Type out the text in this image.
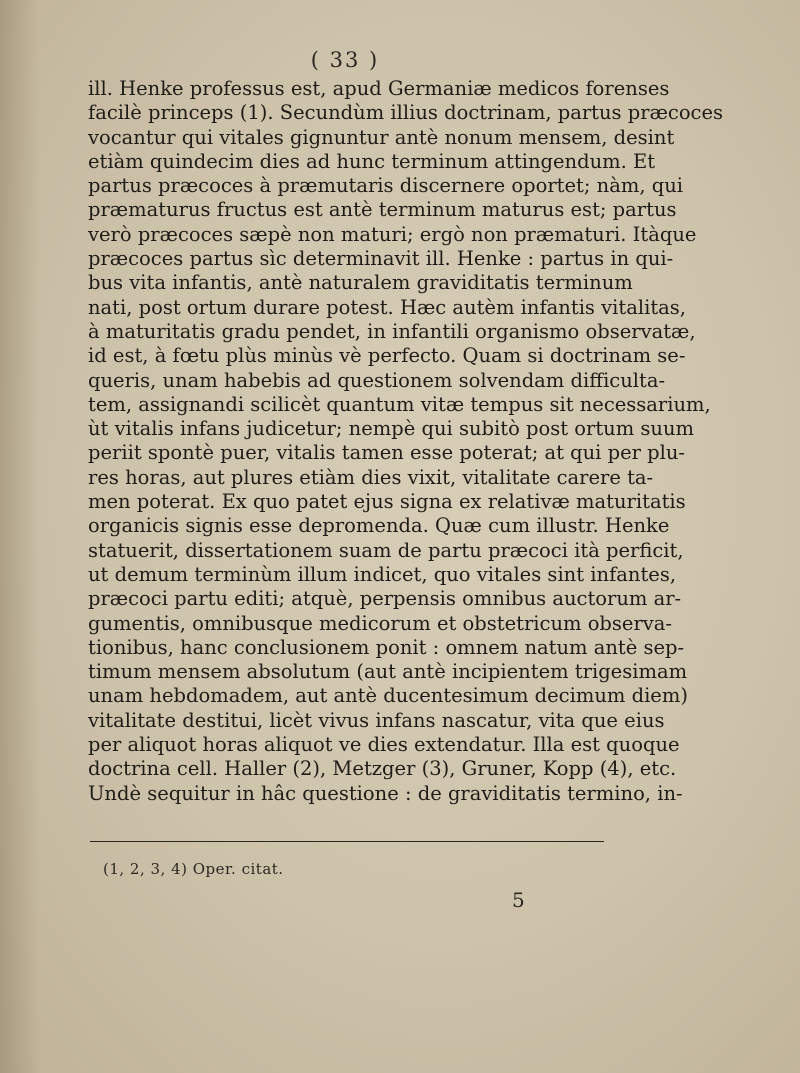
( 33 )
ill. Henke professus est, apud Germaniæ medicos forenses
facilè princeps (1). Secundùm illius doctrinam, partus præcoces
vocantur qui vitales gignuntur antè nonum mensem, desint
etiàm quindecim dies ad hunc terminum attingendum. Et
partus præcoces à præmutaris discernere oportet; nàm, qui
præmaturus fructus est antè terminum maturus est; partus
verò præcoces sæpè non maturi; ergò non præmaturi. Itàque
præcoces partus sìc determinavit ill. Henke : partus in qui-
bus vita infantis, antè naturalem graviditatis terminum
nati, post ortum durare potest. Hæc autèm infantis vitalitas,
à maturitatis gradu pendet, in infantili organismo observatæ,
id est, à fœtu plùs minùs vè perfecto. Quam si doctrinam se-
queris, unam habebis ad questionem solvendam difficulta-
tem, assignandi scilicèt quantum vitæ tempus sit necessarium,
ùt vitalis infans judicetur; nempè qui subitò post ortum suum
periit spontè puer, vitalis tamen esse poterat; at qui per plu-
res horas, aut plures etiàm dies vixit, vitalitate carere ta-
men poterat. Ex quo patet ejus signa ex relativæ maturitatis
organicis signis esse depromenda. Quæ cum illustr. Henke
statuerit, dissertationem suam de partu præcoci ità perficit,
ut demum terminùm illum indicet, quo vitales sint infantes,
præcoci partu editi; atquè, perpensis omnibus auctorum ar-
gumentis, omnibusque medicorum et obstetricum observa-
tionibus, hanc conclusionem ponit : omnem natum antè sep-
timum mensem absolutum (aut antè incipientem trigesimam
unam hebdomadem, aut antè ducentesimum decimum diem)
vitalitate destitui, licèt vivus infans nascatur, vita que eius
per aliquot horas aliquot ve dies extendatur. Illa est quoque
doctrina cell. Haller (2), Metzger (3), Gruner, Kopp (4), etc.
Undè sequitur in hâc questione : de graviditatis termino, in-
(1, 2, 3, 4) Oper. citat.
5
